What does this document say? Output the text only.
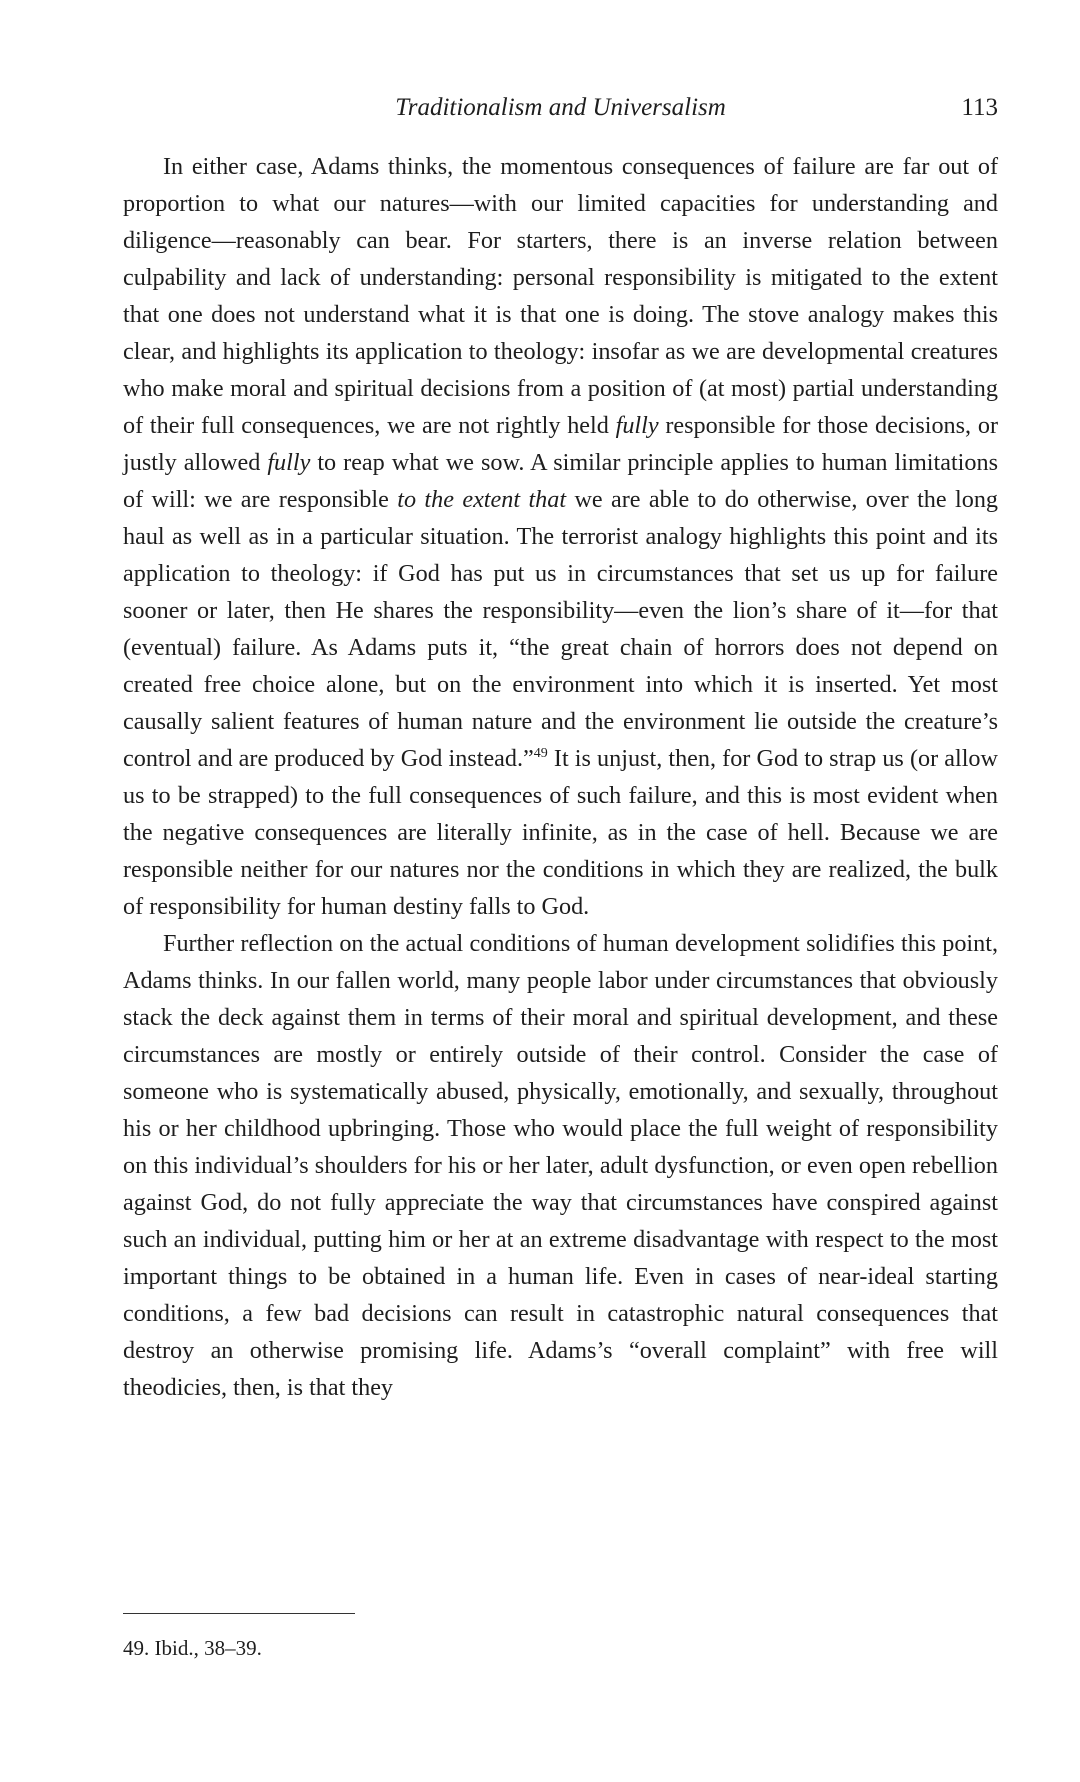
Traditionalism and Universalism	113

In either case, Adams thinks, the momentous consequences of failure are far out of proportion to what our natures—with our limited capacities for understanding and diligence—reasonably can bear. For starters, there is an inverse relation between culpability and lack of understanding: personal responsibility is mitigated to the extent that one does not understand what it is that one is doing. The stove analogy makes this clear, and highlights its application to theology: insofar as we are developmental creatures who make moral and spiritual decisions from a position of (at most) partial understanding of their full consequences, we are not rightly held fully responsible for those decisions, or justly allowed fully to reap what we sow. A similar principle applies to human limitations of will: we are responsible to the extent that we are able to do otherwise, over the long haul as well as in a particular situation. The terrorist analogy highlights this point and its application to theology: if God has put us in circumstances that set us up for failure sooner or later, then He shares the responsibility—even the lion’s share of it—for that (eventual) failure. As Adams puts it, “the great chain of horrors does not depend on created free choice alone, but on the environment into which it is inserted. Yet most causally salient features of human nature and the environment lie outside the creature’s control and are produced by God instead.”$^{49}$ It is unjust, then, for God to strap us (or allow us to be strapped) to the full consequences of such failure, and this is most evident when the negative consequences are literally infinite, as in the case of hell. Because we are responsible neither for our natures nor the conditions in which they are realized, the bulk of responsibility for human destiny falls to God.

Further reflection on the actual conditions of human development solidifies this point, Adams thinks. In our fallen world, many people labor under circumstances that obviously stack the deck against them in terms of their moral and spiritual development, and these circumstances are mostly or entirely outside of their control. Consider the case of someone who is systematically abused, physically, emotionally, and sexually, throughout his or her childhood upbringing. Those who would place the full weight of responsibility on this individual’s shoulders for his or her later, adult dysfunction, or even open rebellion against God, do not fully appreciate the way that circumstances have conspired against such an individual, putting him or her at an extreme disadvantage with respect to the most important things to be obtained in a human life. Even in cases of near-ideal starting conditions, a few bad decisions can result in catastrophic natural consequences that destroy an otherwise promising life. Adams’s “overall complaint” with free will theodicies, then, is that they

49. Ibid., 38–39.
